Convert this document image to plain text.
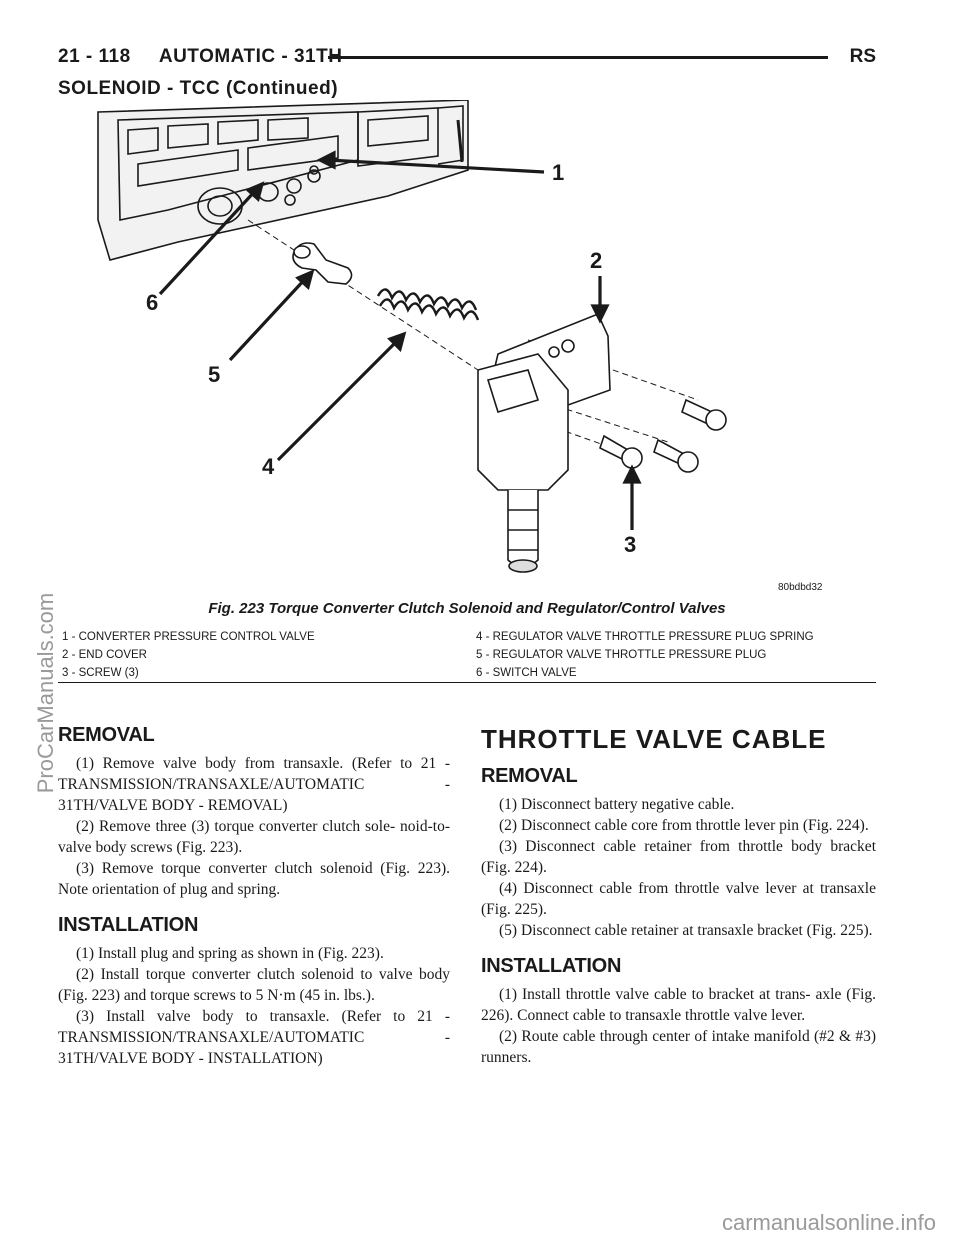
21 - 118     AUTOMATIC - 31TH	RS
SOLENOID - TCC (Continued)
1
2
3
4
5
6
80bdbd32
Fig. 223 Torque Converter Clutch Solenoid and Regulator/Control Valves
1 - CONVERTER PRESSURE CONTROL VALVE
2 - END COVER
3 - SCREW (3)
4 - REGULATOR VALVE THROTTLE PRESSURE PLUG SPRING
5 - REGULATOR VALVE THROTTLE PRESSURE PLUG
6 - SWITCH VALVE
REMOVAL

(1) Remove valve body from transaxle. (Refer to 21 - TRANSMISSION/TRANSAXLE/AUTOMATIC - 31TH/VALVE BODY - REMOVAL)

(2) Remove three (3) torque converter clutch sole- noid-to-valve body screws (Fig. 223).

(3) Remove torque converter clutch solenoid (Fig. 223). Note orientation of plug and spring.

INSTALLATION

(1) Install plug and spring as shown in (Fig. 223).

(2) Install torque converter clutch solenoid to valve body (Fig. 223) and torque screws to 5 N·m (45 in. lbs.).

(3) Install valve body to transaxle. (Refer to 21 - TRANSMISSION/TRANSAXLE/AUTOMATIC - 31TH/VALVE BODY - INSTALLATION)

THROTTLE VALVE CABLE
REMOVAL

(1) Disconnect battery negative cable.

(2) Disconnect cable core from throttle lever pin (Fig. 224).

(3) Disconnect cable retainer from throttle body bracket (Fig. 224).

(4) Disconnect cable from throttle valve lever at transaxle (Fig. 225).

(5) Disconnect cable retainer at transaxle bracket (Fig. 225).

INSTALLATION

(1) Install throttle valve cable to bracket at trans- axle (Fig. 226). Connect cable to transaxle throttle valve lever.

(2) Route cable through center of intake manifold (#2 & #3) runners.

ProCarManuals.com
carmanualsonline.info
